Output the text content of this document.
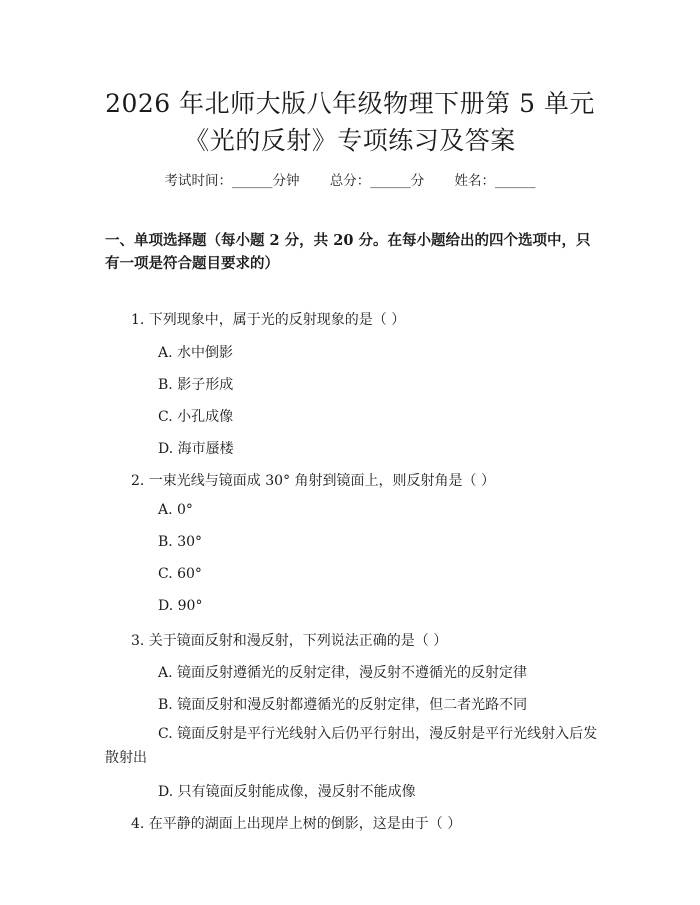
2026 年北师大版八年级物理下册第 5 单元
《光的反射》专项练习及答案
考试时间：______分钟 总分：______分 姓名：______

一、单项选择题（每小题 2 分，共 20 分。在每小题给出的四个选项中，只有一项是符合题目要求的）

1. 下列现象中，属于光的反射现象的是（ ）
A. 水中倒影
B. 影子形成
C. 小孔成像
D. 海市蜃楼
2. 一束光线与镜面成 30° 角射到镜面上，则反射角是（ ）
A. 0°
B. 30°
C. 60°
D. 90°
3. 关于镜面反射和漫反射，下列说法正确的是（ ）
A. 镜面反射遵循光的反射定律，漫反射不遵循光的反射定律
B. 镜面反射和漫反射都遵循光的反射定律，但二者光路不同
C. 镜面反射是平行光线射入后仍平行射出，漫反射是平行光线射入后发散射出
D. 只有镜面反射能成像，漫反射不能成像
4. 在平静的湖面上出现岸上树的倒影，这是由于（ ）
